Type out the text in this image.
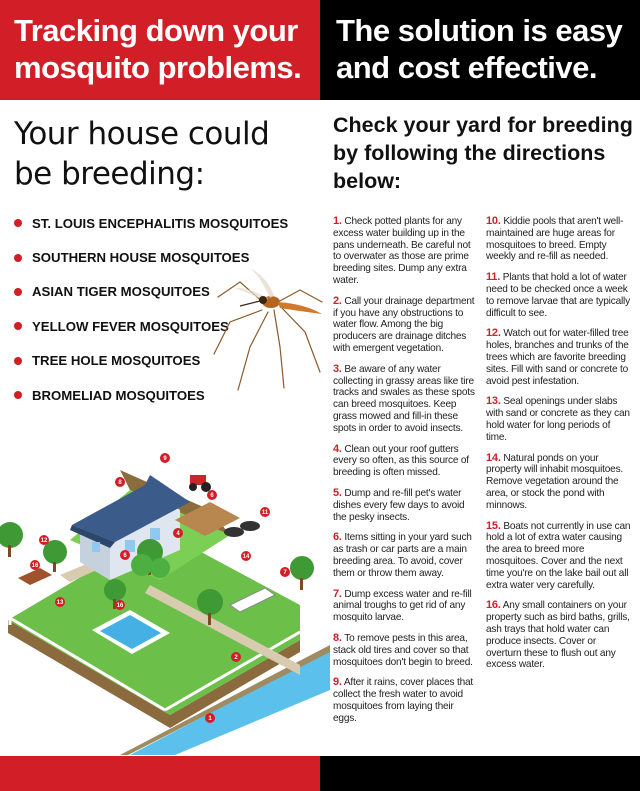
Tracking down your mosquito problems.
The solution is easy and cost effective.
Your house could be breeding:
ST. LOUIS ENCEPHALITIS MOSQUITOES
SOUTHERN HOUSE MOSQUITOES
ASIAN TIGER MOSQUITOES
YELLOW FEVER MOSQUITOES
TREE HOLE MOSQUITOES
BROMELIAD MOSQUITOES
9
8
11
6
4
12
6	14
16
7
13	16
2
1
Check your yard for breeding by following the directions below:

1. Check potted plants for any excess water building up in the pans underneath. Be careful not to overwater as those are prime breeding sites. Dump any extra water.

2. Call your drainage department if you have any obstructions to water flow. Among the big producers are drainage ditches with emergent vegetation.

3. Be aware of any water collecting in grassy areas like tire tracks and swales as these spots can breed mosquitoes. Keep grass mowed and fill-in these spots in order to avoid insects.

4. Clean out your roof gutters every so often, as this source of breeding is often missed.

5. Dump and re-fill pet's water dishes every few days to avoid the pesky insects.

6. Items sitting in your yard such as trash or car parts are a main breeding area. To avoid, cover them or throw them away.

7. Dump excess water and re-fill animal troughs to get rid of any mosquito larvae.

8. To remove pests in this area, stack old tires and cover so that mosquitoes don't begin to breed.

9. After it rains, cover places that collect the fresh water to avoid mosquitoes from laying their eggs.

10. Kiddie pools that aren't well-maintained are huge areas for mosquitoes to breed. Empty weekly and re-fill as needed.

11. Plants that hold a lot of water need to be checked once a week to remove larvae that are typically difficult to see.

12. Watch out for water-filled tree holes, branches and trunks of the trees which are favorite breeding sites. Fill with sand or concrete to avoid pest infestation.

13. Seal openings under slabs with sand or concrete as they can hold water for long periods of time.

14. Natural ponds on your property will inhabit mosquitoes. Remove vegetation around the area, or stock the pond with minnows.

15. Boats not currently in use can hold a lot of extra water causing the area to breed more mosquitoes. Cover and the next time you're on the lake bail out all extra water very carefully.

16. Any small containers on your property such as bird baths, grills, ash trays that hold water can produce insects. Cover or overturn these to flush out any excess water.
